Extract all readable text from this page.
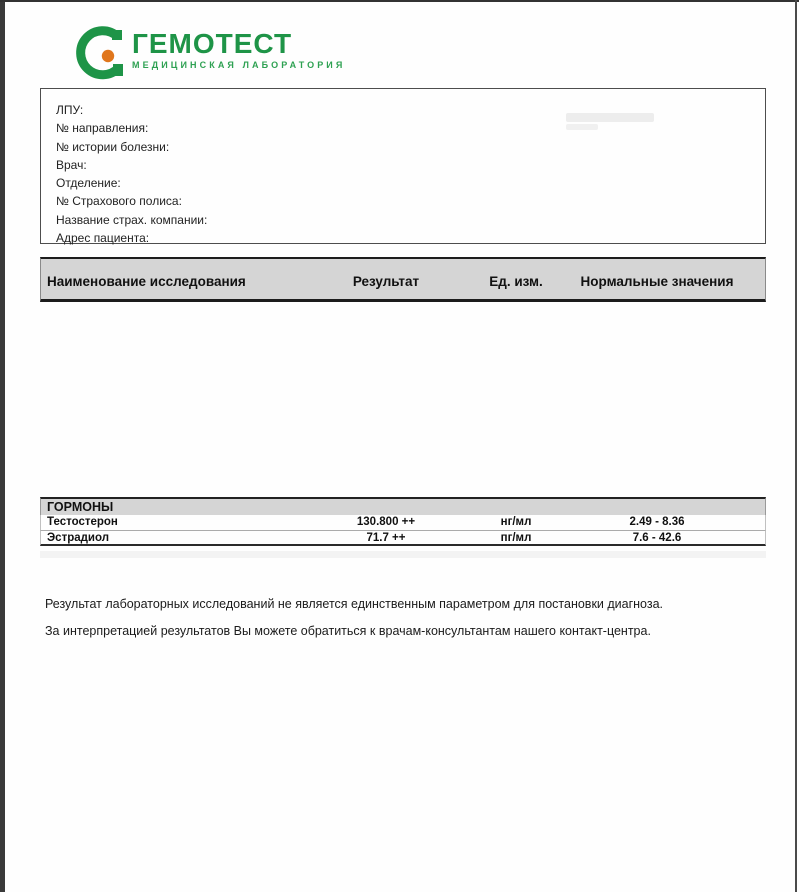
ГЕМОТЕСТ
МЕДИЦИНСКАЯ ЛАБОРАТОРИЯ
ЛПУ:
№ направления:
№ истории болезни:
Врач:
Отделение:
№ Страхового полиса:
Название страх. компании:
Адрес пациента:
Наименование исследования	Результат	Ед. изм.	Нормальные значения
ГОРМОНЫ
Тестостерон	130.800 ++	нг/мл	2.49 - 8.36
Эстрадиол	71.7 ++	пг/мл	7.6 - 42.6
Результат лабораторных исследований не является единственным параметром для постановки диагноза.
За интерпретацией результатов Вы можете обратиться к врачам-консультантам нашего контакт-центра.
